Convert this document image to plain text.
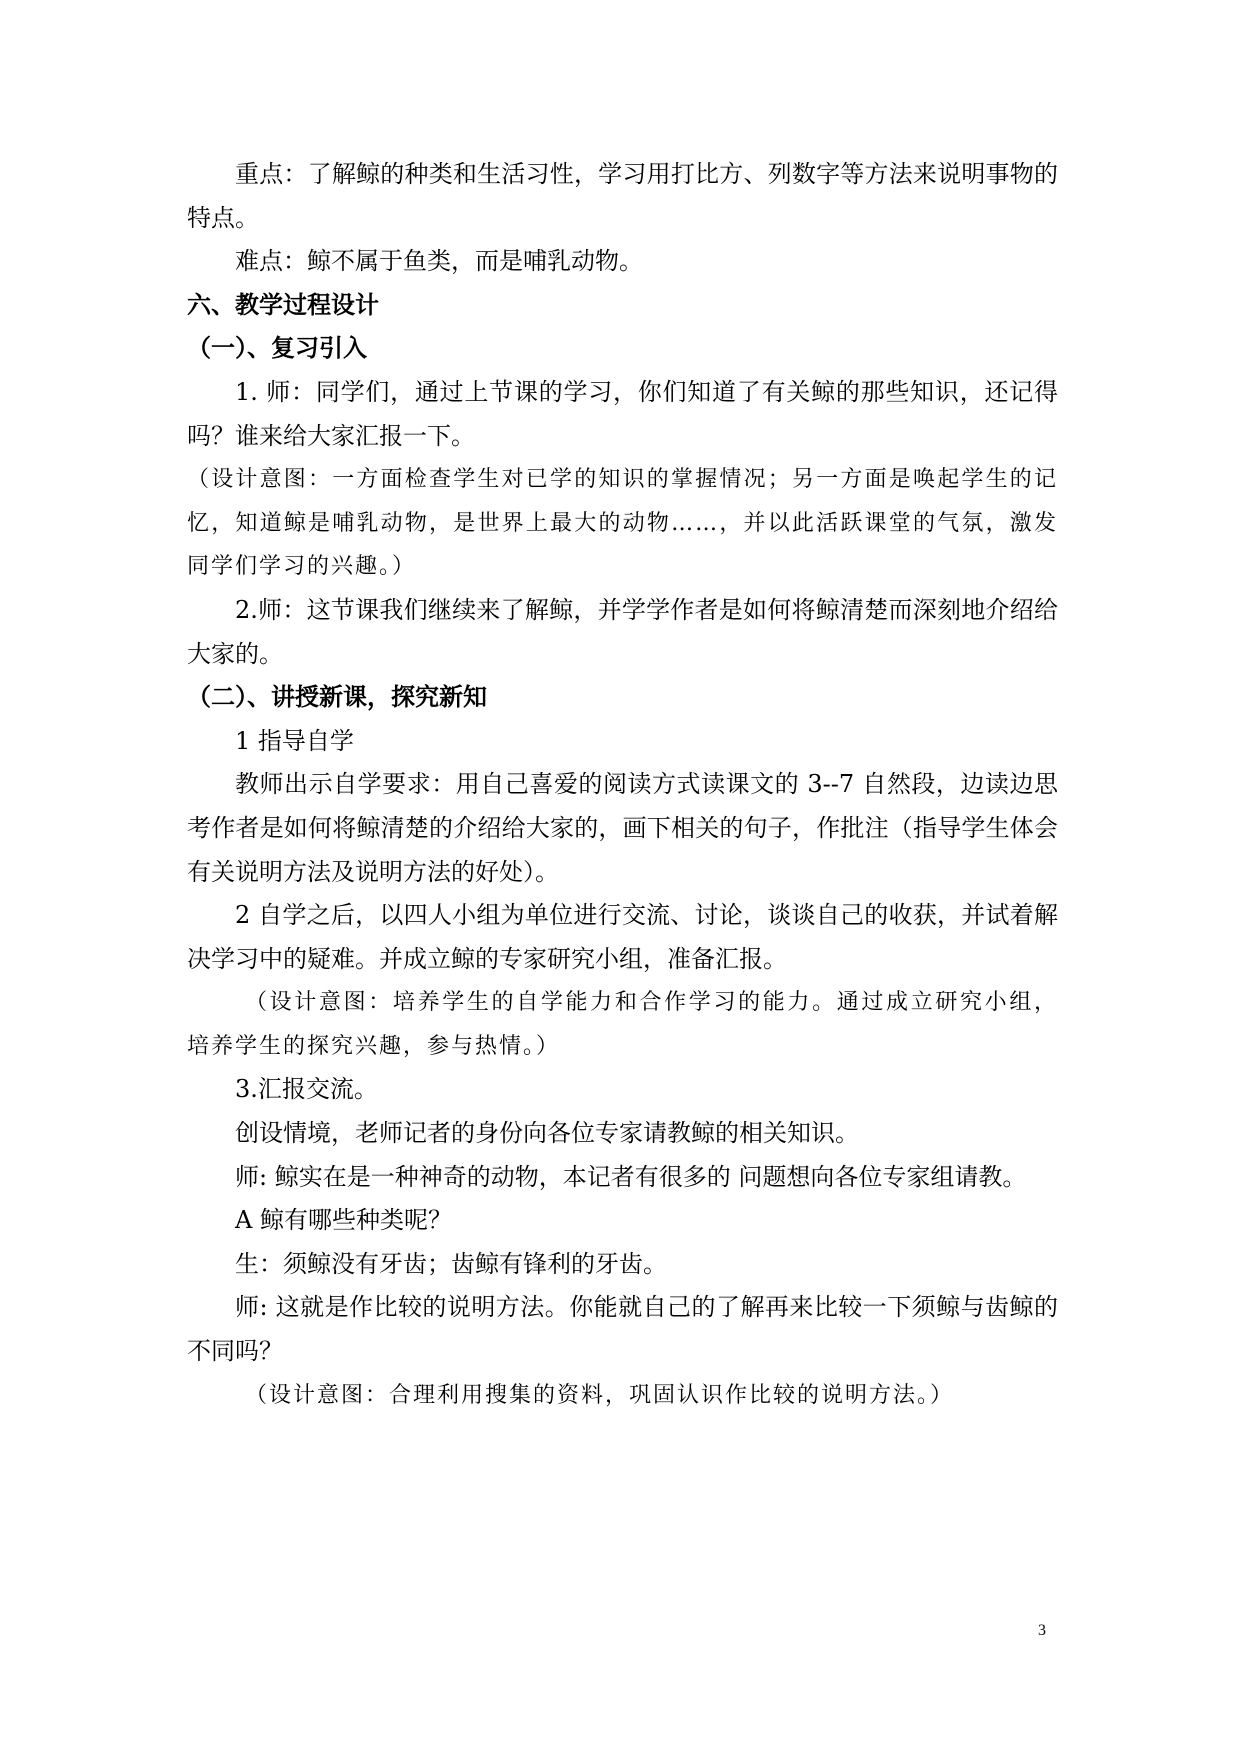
重点：了解鲸的种类和生活习性，学习用打比方、列数字等方法来说明事物的特点。

难点：鲸不属于鱼类，而是哺乳动物。

六、教学过程设计

（一）、复习引入

1. 师：同学们，通过上节课的学习，你们知道了有关鲸的那些知识，还记得吗？谁来给大家汇报一下。

（设计意图：一方面检查学生对已学的知识的掌握情况；另一方面是唤起学生的记忆，知道鲸是哺乳动物，是世界上最大的动物……，并以此活跃课堂的气氛，激发同学们学习的兴趣。）

2.师：这节课我们继续来了解鲸，并学学作者是如何将鲸清楚而深刻地介绍给大家的。

（二）、讲授新课，探究新知

1 指导自学

教师出示自学要求：用自己喜爱的阅读方式读课文的 3--7 自然段，边读边思考作者是如何将鲸清楚的介绍给大家的，画下相关的句子，作批注（指导学生体会有关说明方法及说明方法的好处）。

2 自学之后，以四人小组为单位进行交流、讨论，谈谈自己的收获，并试着解决学习中的疑难。并成立鲸的专家研究小组，准备汇报。

（设计意图：培养学生的自学能力和合作学习的能力。通过成立研究小组，培养学生的探究兴趣，参与热情。）

3.汇报交流。

创设情境，老师记者的身份向各位专家请教鲸的相关知识。

师: 鲸实在是一种神奇的动物，本记者有很多的 问题想向各位专家组请教。

A 鲸有哪些种类呢？

生：须鲸没有牙齿；齿鲸有锋利的牙齿。

师: 这就是作比较的说明方法。你能就自己的了解再来比较一下须鲸与齿鲸的不同吗？

（设计意图：合理利用搜集的资料，巩固认识作比较的说明方法。）

3
